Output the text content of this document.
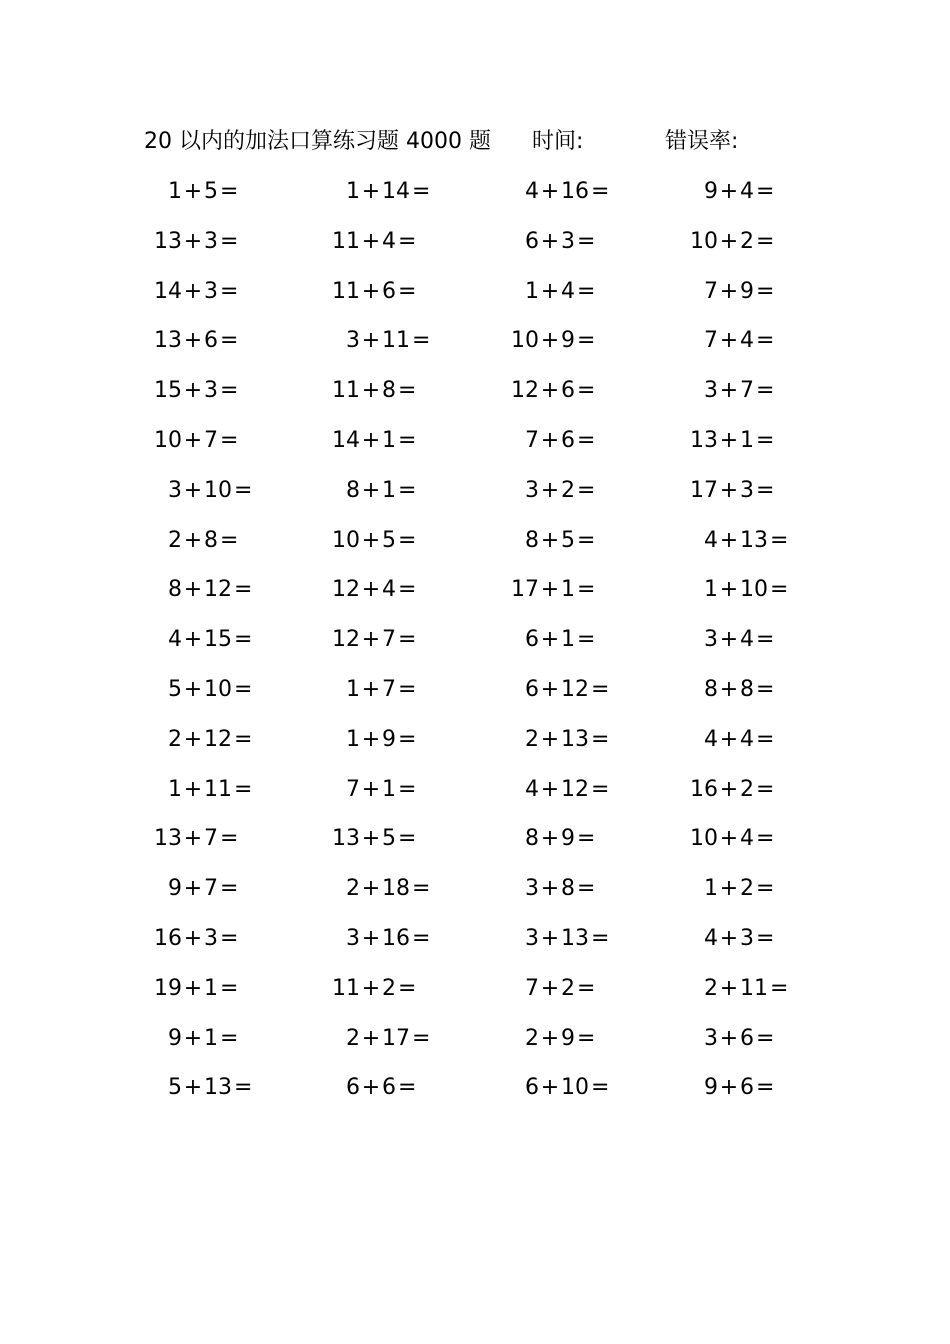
20 以内的加法口算练习题 4000 题 时间:	错误率:
1+5=	1+14=	4+16=	9+4=
13+3=	11+4=	6+3=	10+2=
14+3=	11+6=	1+4=	7+9=
13+6=	3+11=	10+9=	7+4=
15+3=	11+8=	12+6=	3+7=
10+7=	14+1=	7+6=	13+1=
3+10=	8+1=	3+2=	17+3=
2+8=	10+5=	8+5=	4+13=
8+12=	12+4=	17+1=	1+10=
4+15=	12+7=	6+1=	3+4=
5+10=	1+7=	6+12=	8+8=
2+12=	1+9=	2+13=	4+4=
1+11=	7+1=	4+12=	16+2=
13+7=	13+5=	8+9=	10+4=
9+7=	2+18=	3+8=	1+2=
16+3=	3+16=	3+13=	4+3=
19+1=	11+2=	7+2=	2+11=
9+1=	2+17=	2+9=	3+6=
5+13=	6+6=	6+10=	9+6=
